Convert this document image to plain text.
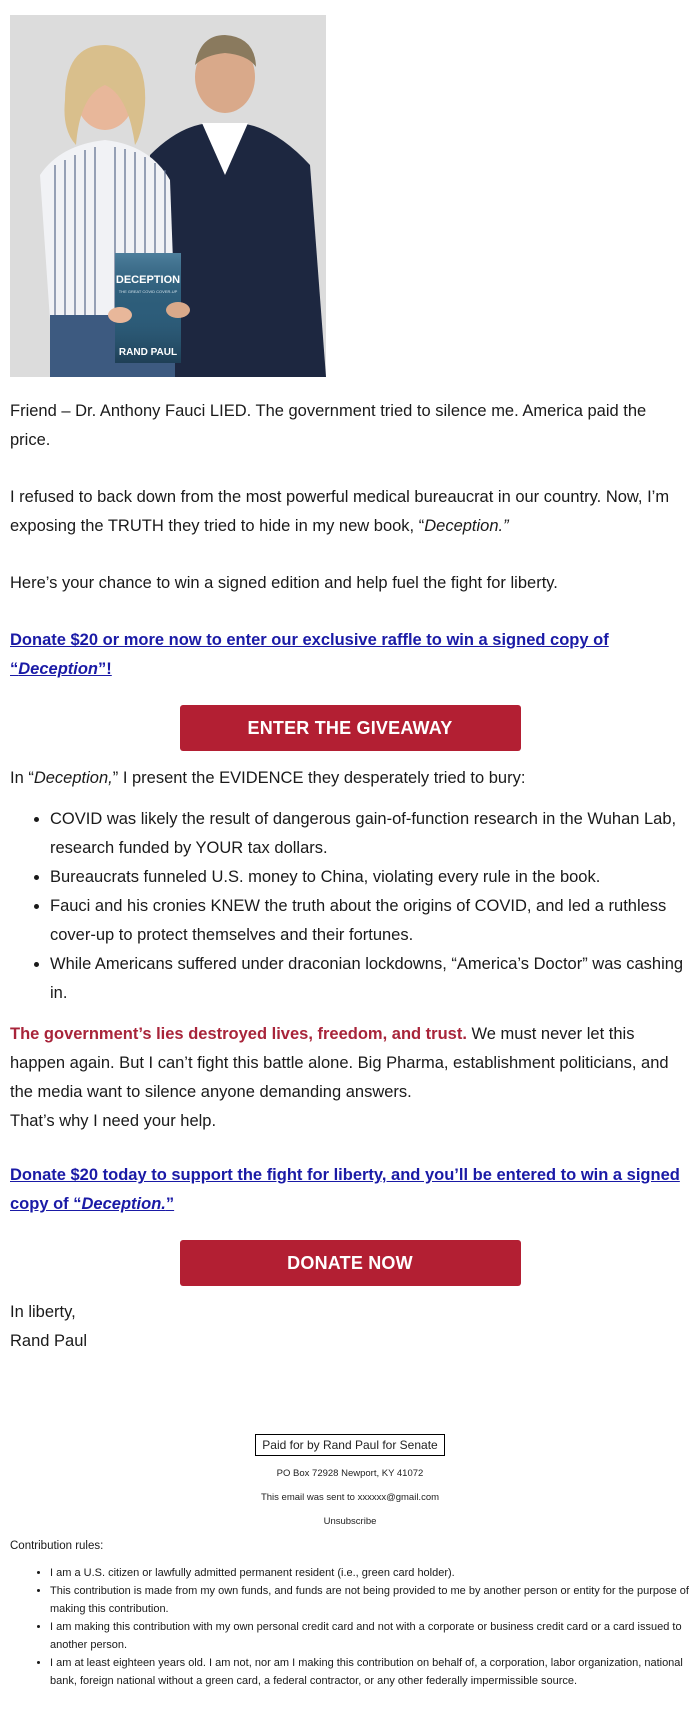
DECEPTION
THE GREAT COVID COVER-UP
RAND PAUL

Friend – Dr. Anthony Fauci LIED. The government tried to silence me. America paid the price.

I refused to back down from the most powerful medical bureaucrat in our country. Now, I’m exposing the TRUTH they tried to hide in my new book, “Deception.”

Here’s your chance to win a signed edition and help fuel the fight for liberty.

Donate $20 or more now to enter our exclusive raffle to win a signed copy of “Deception”!
ENTER THE GIVEAWAY

In “Deception,” I present the EVIDENCE they desperately tried to bury:

• COVID was likely the result of dangerous gain-of-function research in the Wuhan Lab, research funded by YOUR tax dollars.
• Bureaucrats funneled U.S. money to China, violating every rule in the book.
• Fauci and his cronies KNEW the truth about the origins of COVID, and led a ruthless cover-up to protect themselves and their fortunes.
• While Americans suffered under draconian lockdowns, “America’s Doctor” was cashing in.

The government’s lies destroyed lives, freedom, and trust. We must never let this happen again. But I can’t fight this battle alone. Big Pharma, establishment politicians, and the media want to silence anyone demanding answers.

That’s why I need your help.

Donate $20 today to support the fight for liberty, and you’ll be entered to win a signed copy of “Deception.”
DONATE NOW

In liberty,

Rand Paul

Paid for by Rand Paul for Senate
PO Box 72928 Newport, KY 41072
This email was sent to xxxxxx@gmail.com
Unsubscribe

Contribution rules:

• I am a U.S. citizen or lawfully admitted permanent resident (i.e., green card holder).
• This contribution is made from my own funds, and funds are not being provided to me by another person or entity for the purpose of making this contribution.
• I am making this contribution with my own personal credit card and not with a corporate or business credit card or a card issued to another person.
• I am at least eighteen years old. I am not, nor am I making this contribution on behalf of, a corporation, labor organization, national bank, foreign national without a green card, a federal contractor, or any other federally impermissible source.
